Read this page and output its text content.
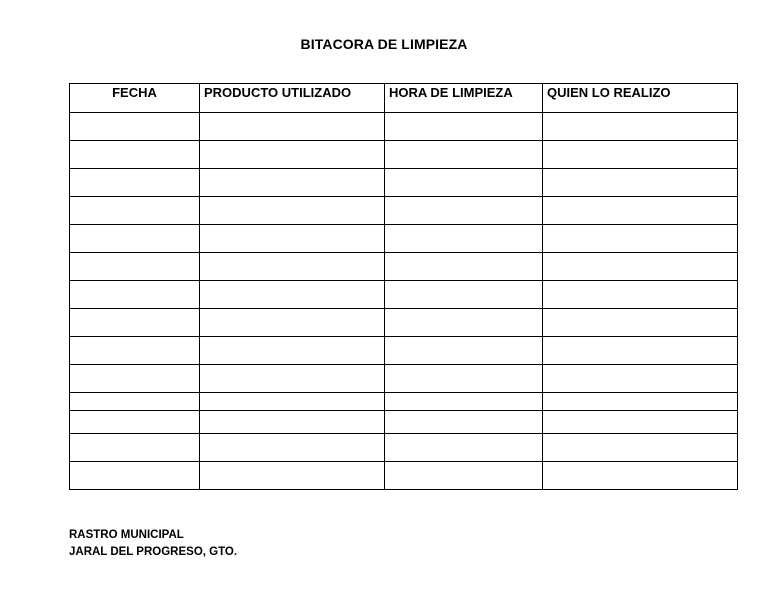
BITACORA DE LIMPIEZA
FECHA	PRODUCTO UTILIZADO	HORA DE LIMPIEZA	QUIEN LO REALIZO

RASTRO MUNICIPAL
JARAL DEL PROGRESO, GTO.
